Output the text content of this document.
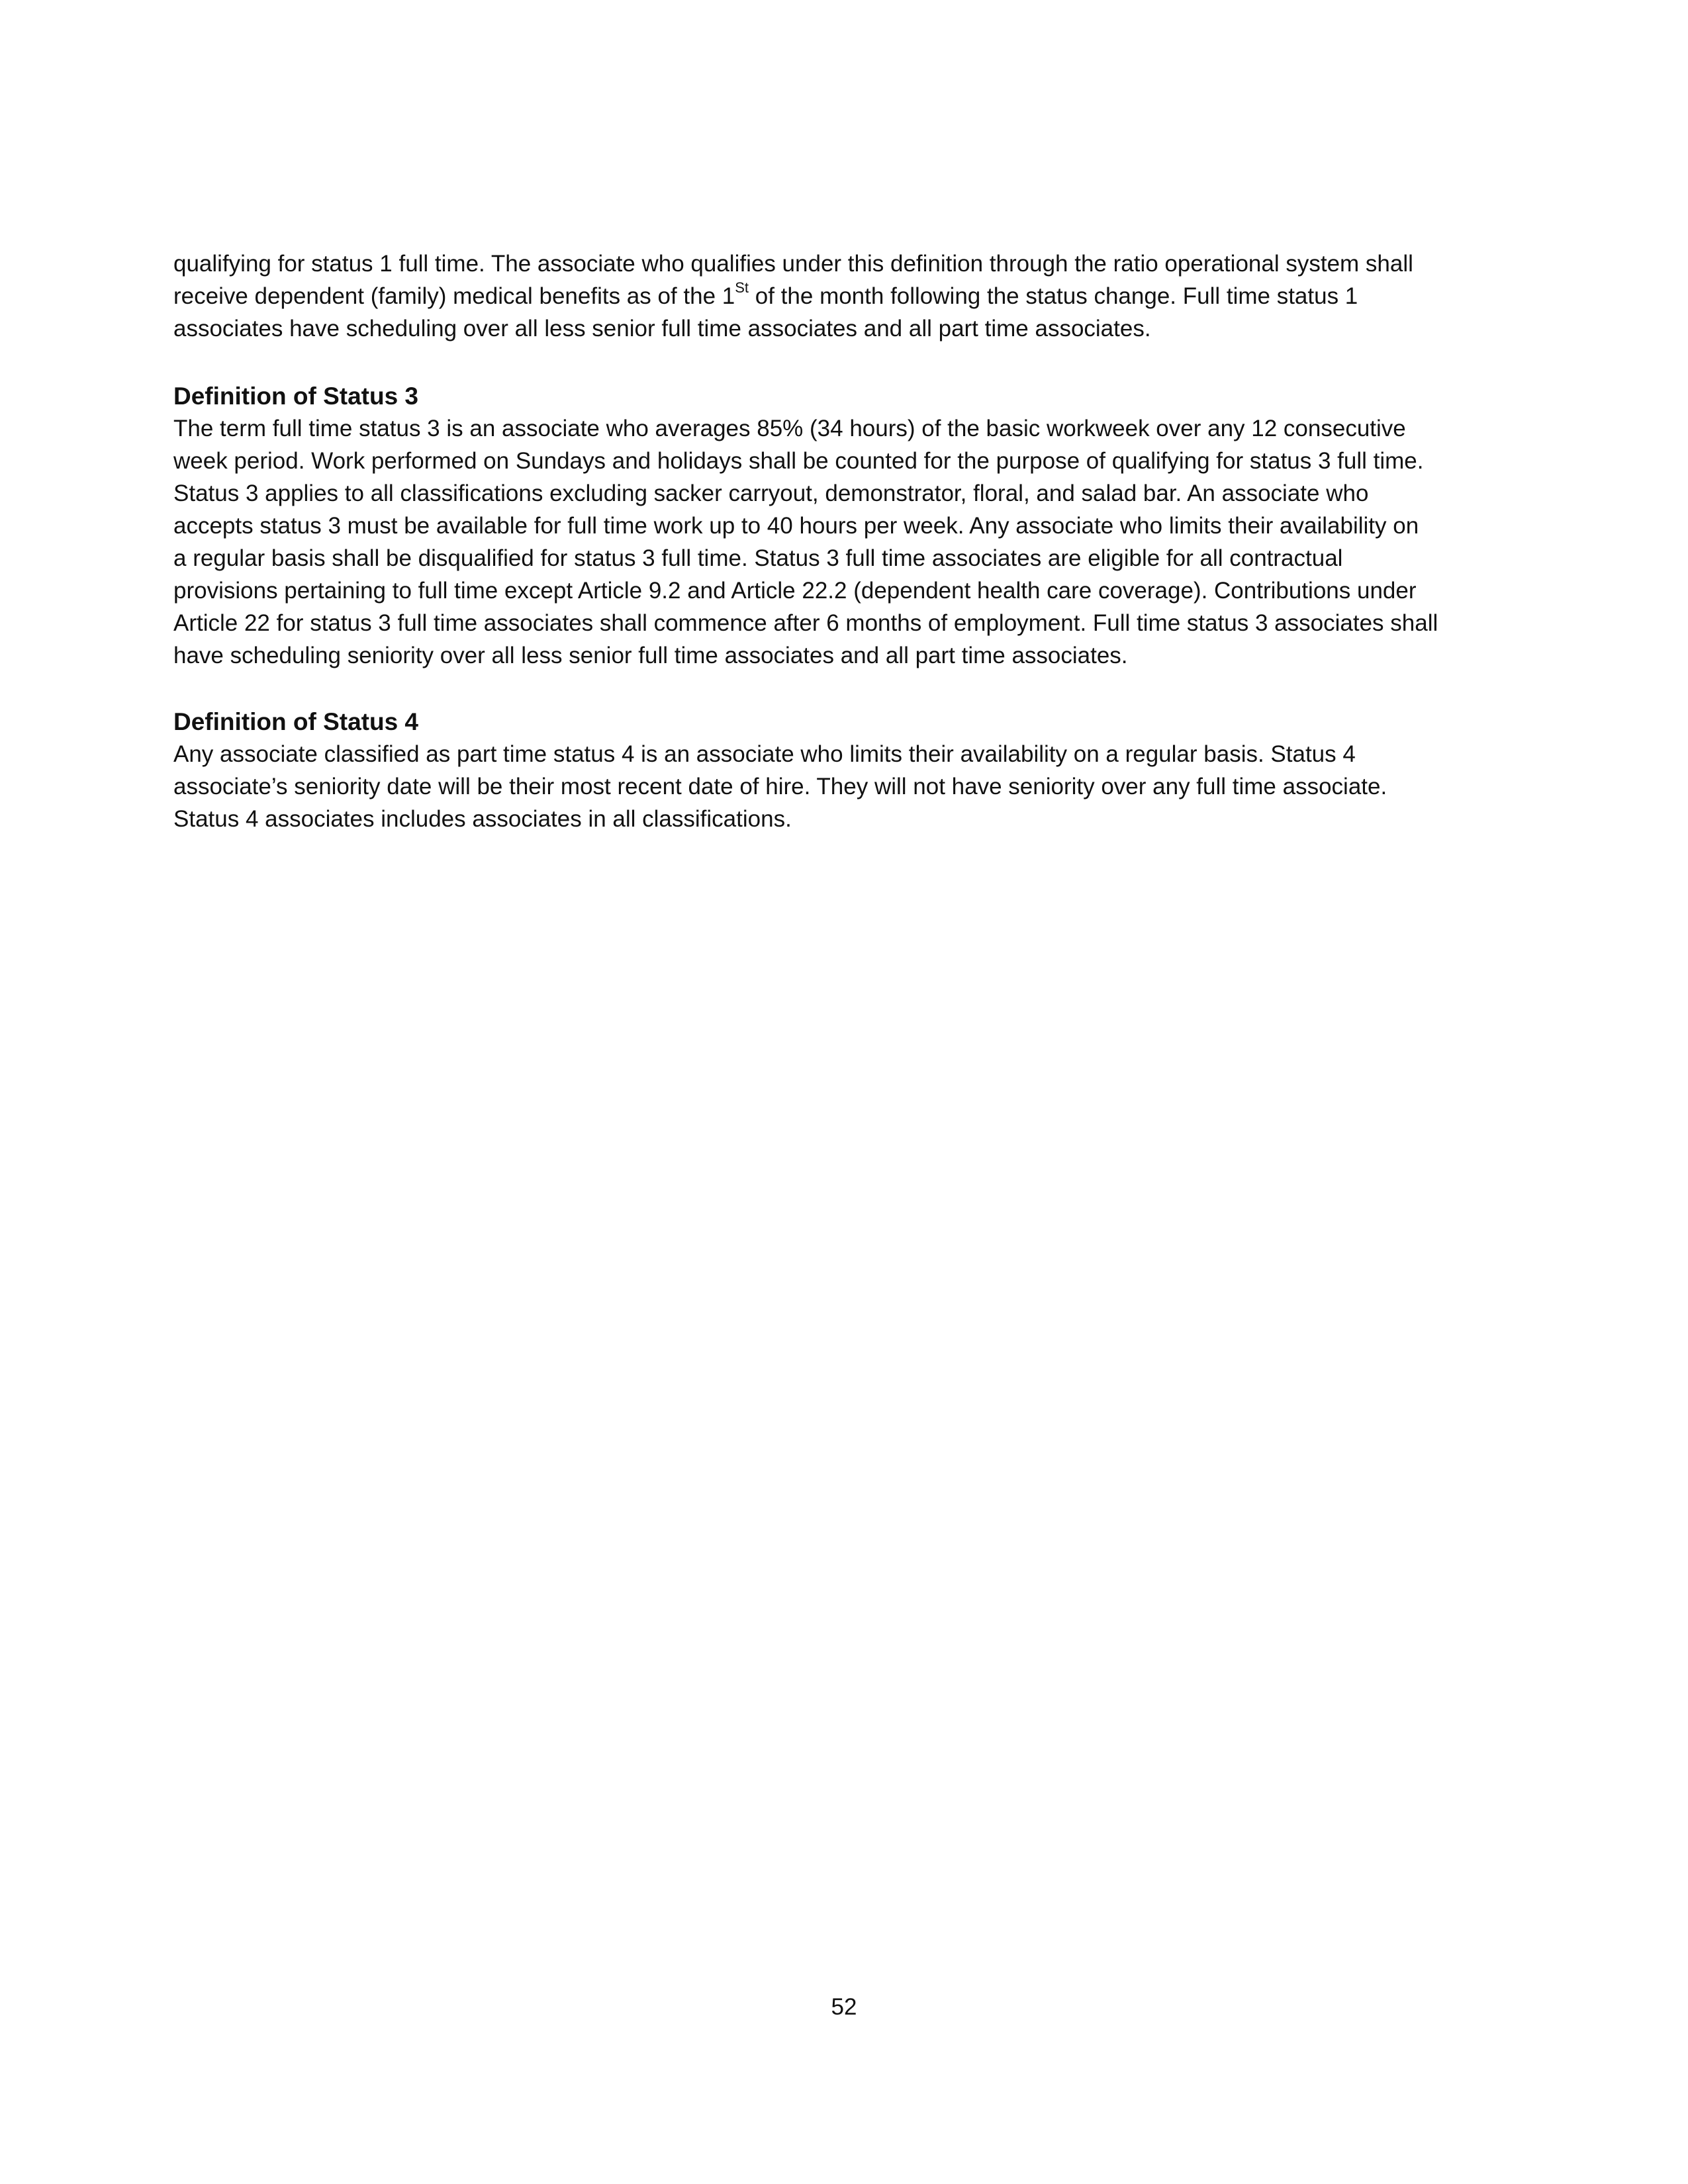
qualifying for status 1 full time. The associate who qualifies under this definition through the ratio operational system shall
receive dependent (family) medical benefits as of the 1St of the month following the status change. Full time status 1
associates have scheduling over all less senior full time associates and all part time associates.
Definition of Status 3
The term full time status 3 is an associate who averages 85% (34 hours) of the basic workweek over any 12 consecutive
week period. Work performed on Sundays and holidays shall be counted for the purpose of qualifying for status 3 full time.
Status 3 applies to all classifications excluding sacker carryout, demonstrator, floral, and salad bar. An associate who
accepts status 3 must be available for full time work up to 40 hours per week. Any associate who limits their availability on
a regular basis shall be disqualified for status 3 full time. Status 3 full time associates are eligible for all contractual
provisions pertaining to full time except Article 9.2 and Article 22.2 (dependent health care coverage). Contributions under
Article 22 for status 3 full time associates shall commence after 6 months of employment. Full time status 3 associates shall
have scheduling seniority over all less senior full time associates and all part time associates.
Definition of Status 4
Any associate classified as part time status 4 is an associate who limits their availability on a regular basis. Status 4
associate’s seniority date will be their most recent date of hire. They will not have seniority over any full time associate.
Status 4 associates includes associates in all classifications.
52
